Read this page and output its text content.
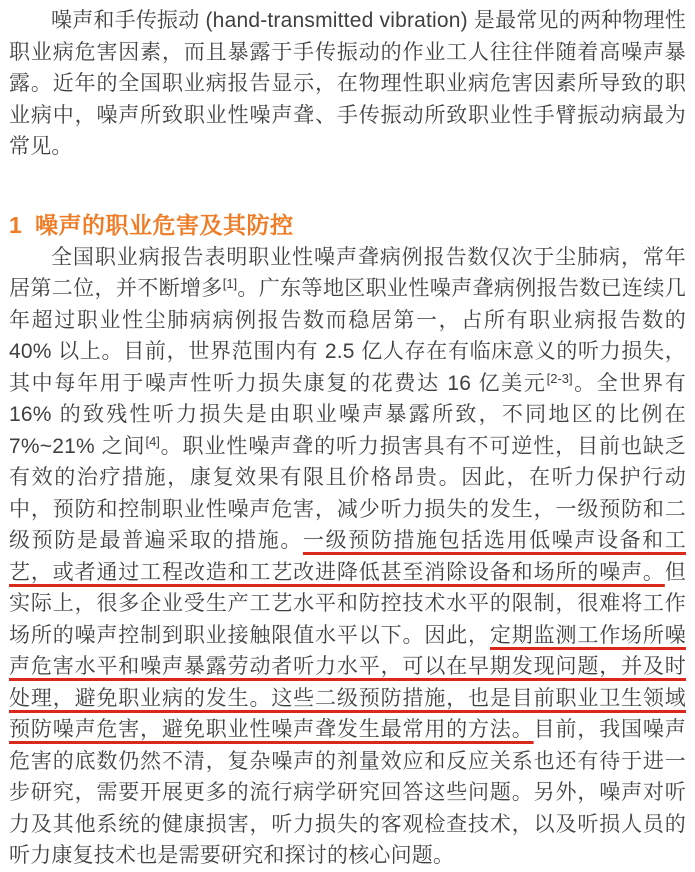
噪声和手传振动 (hand-transmitted vibration) 是最常见的两种物理性职业病危害因素，而且暴露于手传振动的作业工人往往伴随着高噪声暴露。近年的全国职业病报告显示，在物理性职业病危害因素所导致的职业病中，噪声所致职业性噪声聋、手传振动所致职业性手臂振动病最为常见。

1 噪声的职业危害及其防控

全国职业病报告表明职业性噪声聋病例报告数仅次于尘肺病，常年居第二位，并不断增多[1]。广东等地区职业性噪声聋病例报告数已连续几年超过职业性尘肺病病例报告数而稳居第一，占所有职业病报告数的 40% 以上。目前，世界范围内有 2.5 亿人存在有临床意义的听力损失，其中每年用于噪声性听力损失康复的花费达 16 亿美元[2-3]。全世界有 16% 的致残性听力损失是由职业噪声暴露所致，不同地区的比例在 7%~21% 之间[4]。职业性噪声聋的听力损害具有不可逆性，目前也缺乏有效的治疗措施，康复效果有限且价格昂贵。因此，在听力保护行动中，预防和控制职业性噪声危害，减少听力损失的发生，一级预防和二级预防是最普遍采取的措施。一级预防措施包括选用低噪声设备和工艺，或者通过工程改造和工艺改进降低甚至消除设备和场所的噪声。但实际上，很多企业受生产工艺水平和防控技术水平的限制，很难将工作场所的噪声控制到职业接触限值水平以下。因此，定期监测工作场所噪声危害水平和噪声暴露劳动者听力水平，可以在早期发现问题，并及时处理，避免职业病的发生。这些二级预防措施，也是目前职业卫生领域预防噪声危害，避免职业性噪声聋发生最常用的方法。目前，我国噪声危害的底数仍然不清，复杂噪声的剂量效应和反应关系也还有待于进一步研究，需要开展更多的流行病学研究回答这些问题。另外，噪声对听力及其他系统的健康损害，听力损失的客观检查技术，以及听损人员的听力康复技术也是需要研究和探讨的核心问题。
